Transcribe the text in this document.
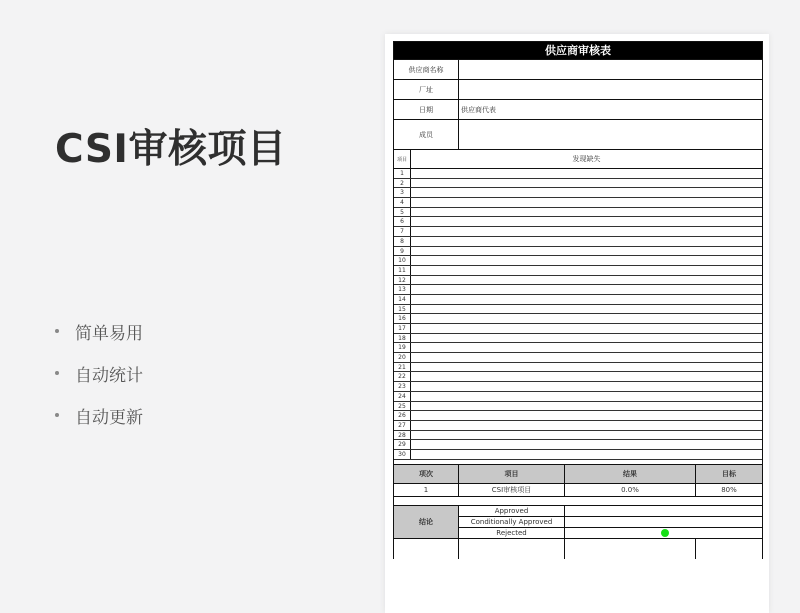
CSI审核项目
简单易用
自动统计
自动更新
供应商审核表
供应商名称
厂址
日期	供应商代表
成员
项目	发现缺失
1
2
3
4
5
6
7
8
9
10
11
12
13
14
15
16
17
18
19
20
21
22
23
24
25
26
27
28
29
30
项次	项目	结果	目标
1	CSI审核项目	0.0%	80%
结论
Approved
Conditionally Approved
Rejected
